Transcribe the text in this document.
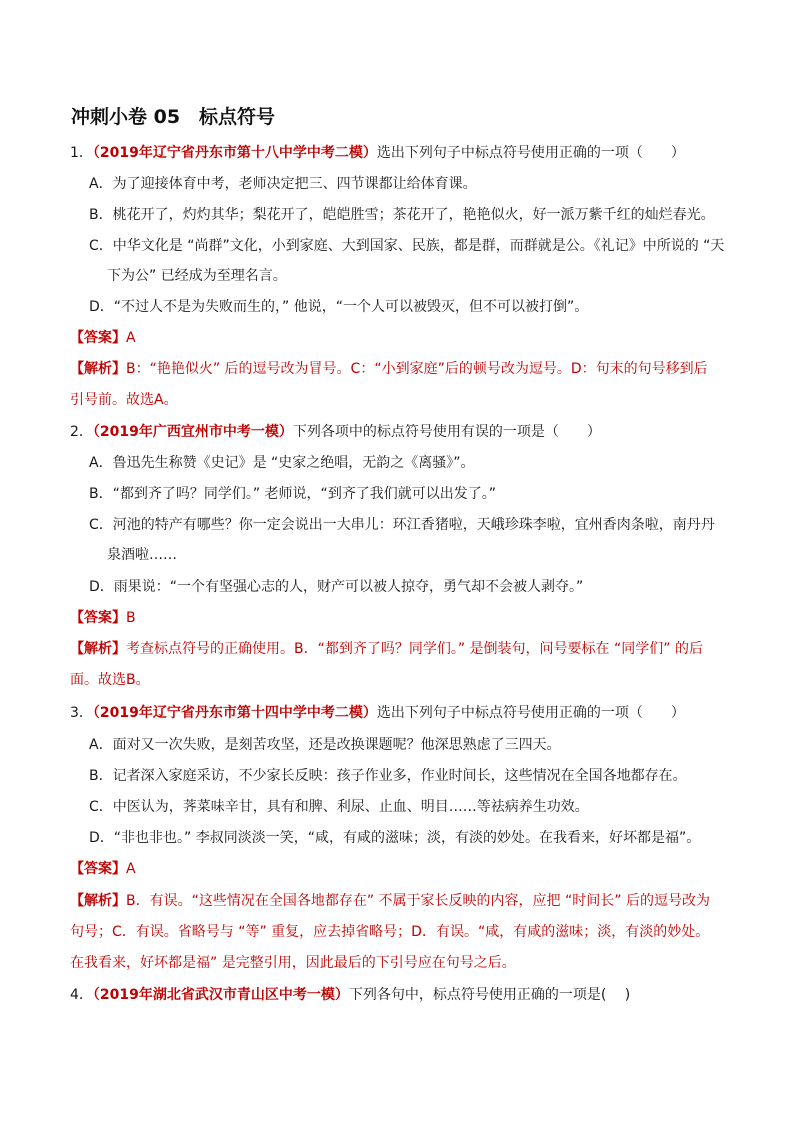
冲刺小卷 05　标点符号
1．（2019年辽宁省丹东市第十八中学中考二模）选出下列句子中标点符号使用正确的一项（　　）
A．为了迎接体育中考，老师决定把三、四节课都让给体育课。
B．桃花开了，灼灼其华；梨花开了，皑皑胜雪；茶花开了，艳艳似火，好一派万紫千红的灿烂春光。
C．中华文化是 “尚群”文化，小到家庭、大到国家、民族，都是群，而群就是公。《礼记》中所说的 “天
下为公” 已经成为至理名言。
D．“不过人不是为失败而生的，” 他说，“一个人可以被毁灭，但不可以被打倒”。
【答案】A
【解析】B：“艳艳似火” 后的逗号改为冒号。C：“小到家庭”后的顿号改为逗号。D：句末的句号移到后
引号前。故选A。
2．（2019年广西宜州市中考一模）下列各项中的标点符号使用有误的一项是（　　）
A．鲁迅先生称赞《史记》是 “史家之绝唱，无韵之《离骚》”。
B．“都到齐了吗？同学们。” 老师说，“到齐了我们就可以出发了。”
C．河池的特产有哪些？你一定会说出一大串儿：环江香猪啦，天峨珍珠李啦，宜州香肉条啦，南丹丹
泉酒啦……
D．雨果说：“一个有坚强心志的人，财产可以被人掠夺，勇气却不会被人剥夺。”
【答案】B
【解析】考查标点符号的正确使用。B．“都到齐了吗？同学们。” 是倒装句，问号要标在 “同学们” 的后
面。故选B。
3．（2019年辽宁省丹东市第十四中学中考二模）选出下列句子中标点符号使用正确的一项（　　）
A．面对又一次失败，是刻苦攻坚，还是改换课题呢？他深思熟虑了三四天。
B．记者深入家庭采访，不少家长反映：孩子作业多，作业时间长，这些情况在全国各地都存在。
C．中医认为，荠菜味辛甘，具有和脾、利尿、止血、明目……等祛病养生功效。
D．“非也非也。” 李叔同淡淡一笑，“咸，有咸的滋味；淡，有淡的妙处。在我看来，好坏都是福”。
【答案】A
【解析】B．有误。“这些情况在全国各地都存在” 不属于家长反映的内容，应把 “时间长” 后的逗号改为
句号；C．有误。省略号与 “等” 重复，应去掉省略号；D．有误。“咸，有咸的滋味；淡，有淡的妙处。
在我看来，好坏都是福” 是完整引用，因此最后的下引号应在句号之后。
4．（2019年湖北省武汉市青山区中考一模）下列各句中，标点符号使用正确的一项是(　 )
